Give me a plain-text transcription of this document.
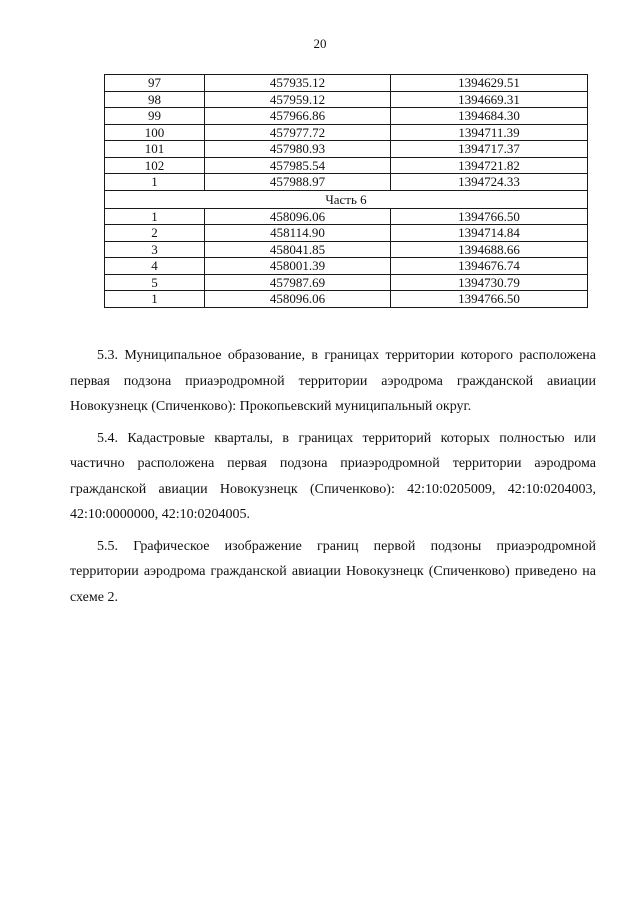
20
97	457935.12	1394629.51
98	457959.12	1394669.31
99	457966.86	1394684.30
100	457977.72	1394711.39
101	457980.93	1394717.37
102	457985.54	1394721.82
1	457988.97	1394724.33
Часть 6		
1	458096.06	1394766.50
2	458114.90	1394714.84
3	458041.85	1394688.66
4	458001.39	1394676.74
5	457987.69	1394730.79
1	458096.06	1394766.50

5.3. Муниципальное образование, в границах территории которого расположена первая подзона приаэродромной территории аэродрома гражданской авиации Новокузнецк (Спиченково): Прокопьевский муниципальный округ.

5.4. Кадастровые кварталы, в границах территорий которых полностью или частично расположена первая подзона приаэродромной территории аэродрома гражданской авиации Новокузнецк (Спиченково): 42:10:0205009, 42:10:0204003, 42:10:0000000, 42:10:0204005.

5.5. Графическое изображение границ первой подзоны приаэродромной территории аэродрома гражданской авиации Новокузнецк (Спиченково) приведено на схеме 2.
